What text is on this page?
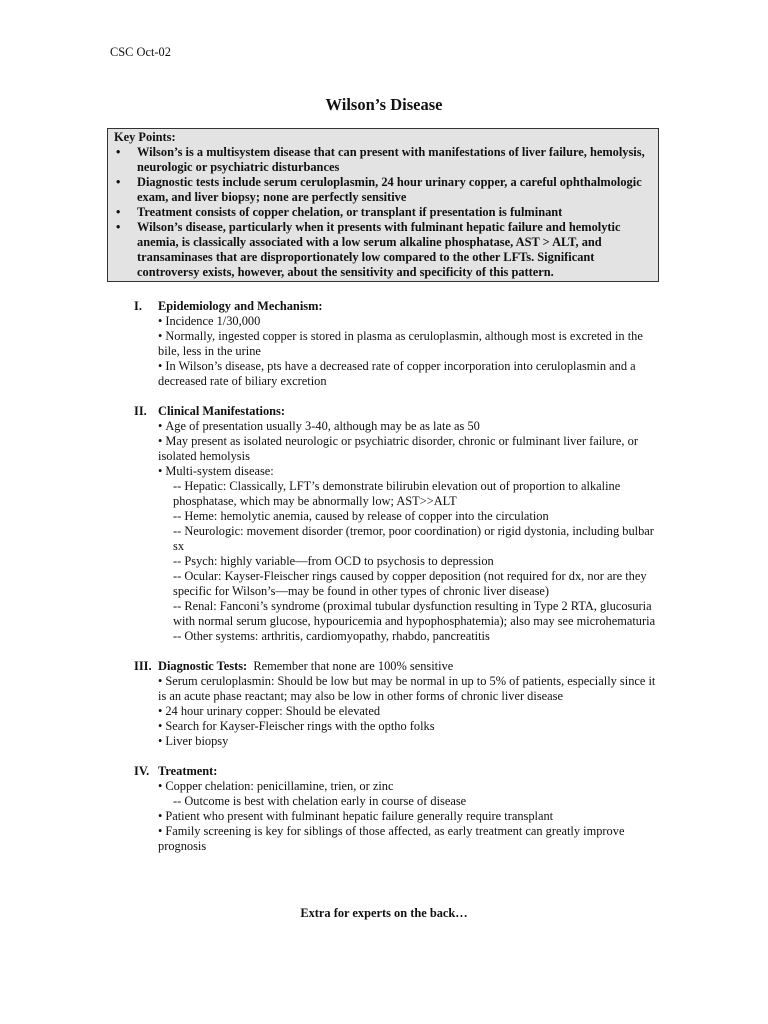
CSC Oct-02
Wilson’s Disease
Key Points:
• Wilson’s is a multisystem disease that can present with manifestations of liver failure, hemolysis, neurologic or psychiatric disturbances
• Diagnostic tests include serum ceruloplasmin, 24 hour urinary copper, a careful ophthalmologic exam, and liver biopsy; none are perfectly sensitive
• Treatment consists of copper chelation, or transplant if presentation is fulminant
• Wilson’s disease, particularly when it presents with fulminant hepatic failure and hemolytic anemia, is classically associated with a low serum alkaline phosphatase, AST > ALT, and transaminases that are disproportionately low compared to the other LFTs. Significant controversy exists, however, about the sensitivity and specificity of this pattern.
I. Epidemiology and Mechanism:
• Incidence 1/30,000
• Normally, ingested copper is stored in plasma as ceruloplasmin, although most is excreted in the bile, less in the urine
• In Wilson’s disease, pts have a decreased rate of copper incorporation into ceruloplasmin and a decreased rate of biliary excretion
II. Clinical Manifestations:
• Age of presentation usually 3-40, although may be as late as 50
• May present as isolated neurologic or psychiatric disorder, chronic or fulminant liver failure, or isolated hemolysis
• Multi-system disease:
-- Hepatic: Classically, LFT’s demonstrate bilirubin elevation out of proportion to alkaline phosphatase, which may be abnormally low; AST>>ALT
-- Heme: hemolytic anemia, caused by release of copper into the circulation
-- Neurologic: movement disorder (tremor, poor coordination) or rigid dystonia, including bulbar sx
-- Psych: highly variable—from OCD to psychosis to depression
-- Ocular: Kayser-Fleischer rings caused by copper deposition (not required for dx, nor are they specific for Wilson’s—may be found in other types of chronic liver disease)
-- Renal: Fanconi’s syndrome (proximal tubular dysfunction resulting in Type 2 RTA, glucosuria with normal serum glucose, hypouricemia and hypophosphatemia); also may see microhematuria
-- Other systems: arthritis, cardiomyopathy, rhabdo, pancreatitis
III. Diagnostic Tests:  Remember that none are 100% sensitive
• Serum ceruloplasmin: Should be low but may be normal in up to 5% of patients, especially since it is an acute phase reactant; may also be low in other forms of chronic liver disease
• 24 hour urinary copper: Should be elevated
• Search for Kayser-Fleischer rings with the optho folks
• Liver biopsy
IV. Treatment:
• Copper chelation: penicillamine, trien, or zinc
-- Outcome is best with chelation early in course of disease
• Patient who present with fulminant hepatic failure generally require transplant
• Family screening is key for siblings of those affected, as early treatment can greatly improve prognosis
Extra for experts on the back…
